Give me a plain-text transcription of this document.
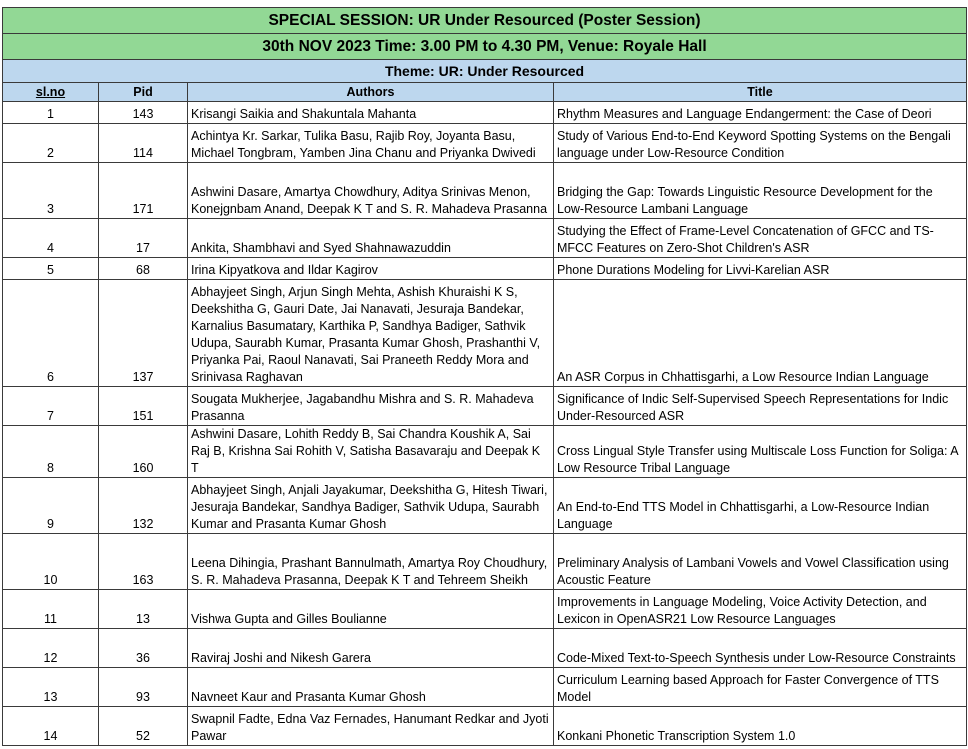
SPECIAL SESSION: UR Under Resourced (Poster Session)			
30th NOV 2023 Time: 3.00 PM to 4.30 PM, Venue: Royale Hall			
Theme: UR: Under Resourced			
sl.no	Pid	Authors	Title
1	143	Krisangi Saikia and Shakuntala Mahanta	Rhythm Measures and Language Endangerment: the Case of Deori
2	114	Achintya Kr. Sarkar, Tulika Basu, Rajib Roy, Joyanta Basu, Michael Tongbram, Yamben Jina Chanu and Priyanka Dwivedi	Study of Various End-to-End Keyword Spotting Systems on the Bengali language under Low-Resource Condition
3	171	Ashwini Dasare, Amartya Chowdhury, Aditya Srinivas Menon, Konejgnbam Anand, Deepak K T and S. R. Mahadeva Prasanna	Bridging the Gap: Towards Linguistic Resource Development for the Low-Resource Lambani Language
4	17	Ankita, Shambhavi and Syed Shahnawazuddin	Studying the Effect of Frame-Level Concatenation of GFCC and TS-MFCC Features on Zero-Shot Children's ASR
5	68	Irina Kipyatkova and Ildar Kagirov	Phone Durations Modeling for Livvi-Karelian ASR
6	137	Abhayjeet Singh, Arjun Singh Mehta, Ashish Khuraishi K S, Deekshitha G, Gauri Date, Jai Nanavati, Jesuraja Bandekar, Karnalius Basumatary, Karthika P, Sandhya Badiger, Sathvik Udupa, Saurabh Kumar, Prasanta Kumar Ghosh, Prashanthi V, Priyanka Pai, Raoul Nanavati, Sai Praneeth Reddy Mora and Srinivasa Raghavan	An ASR Corpus in Chhattisgarhi, a Low Resource Indian Language
7	151	Sougata Mukherjee, Jagabandhu Mishra and S. R. Mahadeva Prasanna	Significance of Indic Self-Supervised Speech Representations for Indic Under-Resourced ASR
8	160	Ashwini Dasare, Lohith Reddy B, Sai Chandra Koushik A, Sai Raj B, Krishna Sai Rohith V, Satisha Basavaraju and Deepak K T	Cross Lingual Style Transfer using Multiscale Loss Function for Soliga: A Low Resource Tribal Language
9	132	Abhayjeet Singh, Anjali Jayakumar, Deekshitha G, Hitesh Tiwari, Jesuraja Bandekar, Sandhya Badiger, Sathvik Udupa, Saurabh Kumar and Prasanta Kumar Ghosh	An End-to-End TTS Model in Chhattisgarhi, a Low-Resource Indian Language
10	163	Leena Dihingia, Prashant Bannulmath, Amartya Roy Choudhury, S. R. Mahadeva Prasanna, Deepak K T and Tehreem Sheikh	Preliminary Analysis of Lambani Vowels and Vowel Classification using Acoustic Feature
11	13	Vishwa Gupta and Gilles Boulianne	Improvements in Language Modeling, Voice Activity Detection, and Lexicon in OpenASR21 Low Resource Languages
12	36	Raviraj Joshi and Nikesh Garera	Code-Mixed Text-to-Speech Synthesis under Low-Resource Constraints
13	93	Navneet Kaur and Prasanta Kumar Ghosh	Curriculum Learning based Approach for Faster Convergence of TTS Model
14	52	Swapnil Fadte, Edna Vaz Fernades, Hanumant Redkar and Jyoti Pawar	Konkani Phonetic Transcription System 1.0
